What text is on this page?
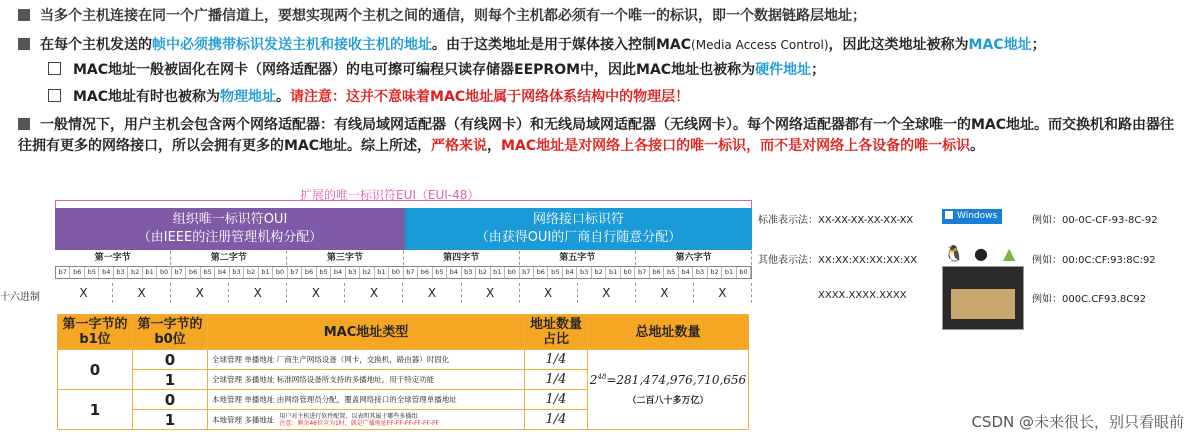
当多个主机连接在同一个广播信道上，要想实现两个主机之间的通信，则每个主机都必须有一个唯一的标识，即一个数据链路层地址；
在每个主机发送的帧中必须携带标识发送主机和接收主机的地址。由于这类地址是用于媒体接入控制MAC(Media Access Control)，因此这类地址被称为MAC地址；
MAC地址一般被固化在网卡（网络适配器）的电可擦可编程只读存储器EEPROM中，因此MAC地址也被称为硬件地址；
MAC地址有时也被称为物理地址。请注意：这并不意味着MAC地址属于网络体系结构中的物理层！
一般情况下，用户主机会包含两个网络适配器：有线局域网适配器（有线网卡）和无线局域网适配器（无线网卡）。每个网络适配器都有一个全球唯一的MAC地址。而交换机和路由器往往拥有更多的网络接口，所以会拥有更多的MAC地址。综上所述，严格来说，MAC地址是对网络上各接口的唯一标识，而不是对网络上各设备的唯一标识。
扩展的唯一标识符EUI（EUI-48）
组织唯一标识符OUI
（由IEEE的注册管理机构分配）
网络接口标识符
（由获得OUI的厂商自行随意分配）
第一字节	第二字节	第三字节	第四字节	第五字节	第六字节
b7 b6 b5 b4 b3 b2 b1 b0 b7 b6 b5 b4 b3 b2 b1 b0 b7 b6 b5 b4 b3 b2 b1 b0 b7 b6 b5 b4 b3 b2 b1 b0 b7 b6 b5 b4 b3 b2 b1 b0 b7 b6 b5 b4 b3 b2 b1 b0
十六进制	X	X	X	X	X	X	X	X	X	X	X	X
标准表示法：XX-XX-XX-XX-XX-XX	Windows	例如：00-0C-CF-93-8C-92
其他表示法：XX:XX:XX:XX:XX:XX 🐧 ● ▲ 例如：00:0C:CF:93:8C:92
XXXX.XXXX.XXXX	例如：000C.CF93.8C92
第一字节的b1位	第一字节的b0位	MAC地址类型	地址数量占比	总地址数量
0	0	全球管理 单播地址 厂商生产网络设备（网卡，交换机，路由器）时固化	1/4	$2^{48}=281,474,976,710,656$
（二百八十多万亿）

	1	全球管理 多播地址 标准网络设备所支持的多播地址，用于特定功能	1/4	
1	0	本地管理 单播地址 由网络管理员分配，覆盖网络接口的全球管理单播地址	1/4	
	1	本地管理 多播地址 用户对主机进行软件配置，以表明其属于哪些多播组
注意：剩余46位全为1时，就是广播地址FF-FF-FF-FF-FF-FF	1/4		CSDN @未来很长，别只看眼前
